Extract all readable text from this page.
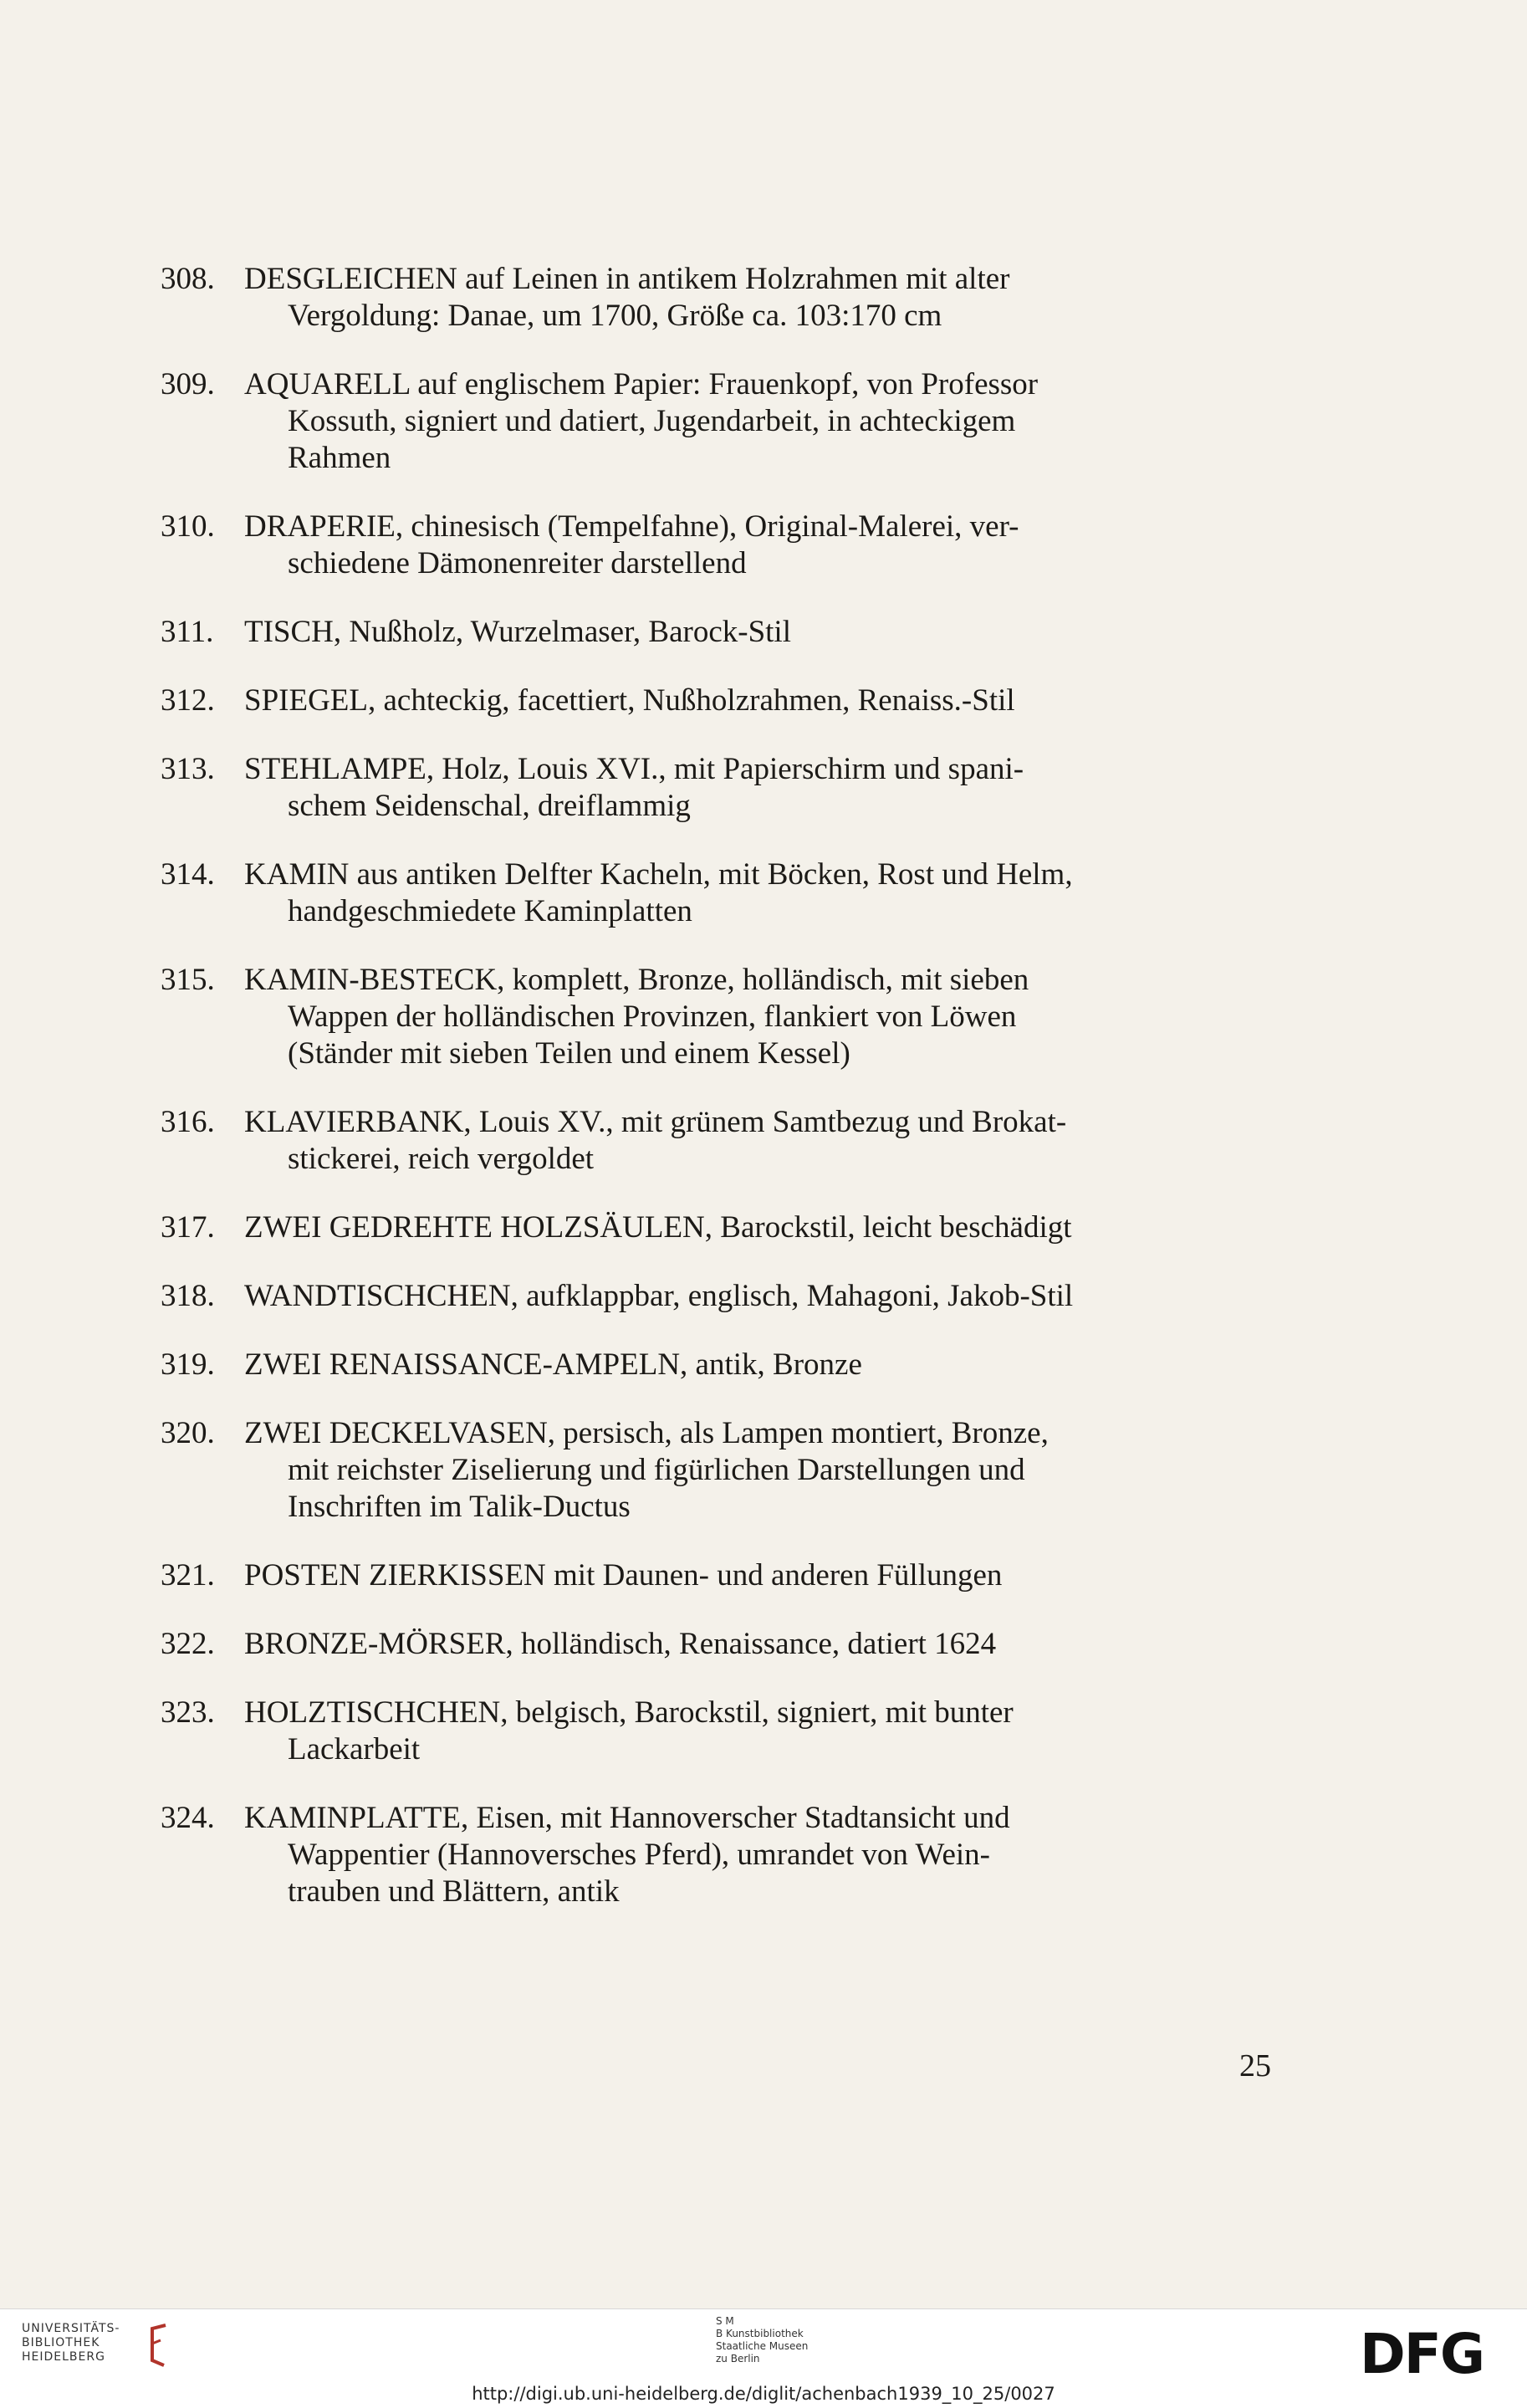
308. DESGLEICHEN auf Leinen in antikem Holzrahmen mit alter
Vergoldung: Danae, um 1700, Größe ca. 103:170 cm
309. AQUARELL auf englischem Papier: Frauenkopf, von Professor
Kossuth, signiert und datiert, Jugendarbeit, in achteckigem
Rahmen
310. DRAPERIE, chinesisch (Tempelfahne), Original-Malerei, ver-
schiedene Dämonenreiter darstellend
311. TISCH, Nußholz, Wurzelmaser, Barock-Stil
312. SPIEGEL, achteckig, facettiert, Nußholzrahmen, Renaiss.-Stil
313. STEHLAMPE, Holz, Louis XVI., mit Papierschirm und spani-
schem Seidenschal, dreiflammig
314. KAMIN aus antiken Delfter Kacheln, mit Böcken, Rost und Helm,
handgeschmiedete Kaminplatten
315. KAMIN-BESTECK, komplett, Bronze, holländisch, mit sieben
Wappen der holländischen Provinzen, flankiert von Löwen
(Ständer mit sieben Teilen und einem Kessel)
316. KLAVIERBANK, Louis XV., mit grünem Samtbezug und Brokat-
stickerei, reich vergoldet
317. ZWEI GEDREHTE HOLZSÄULEN, Barockstil, leicht beschädigt
318. WANDTISCHCHEN, aufklappbar, englisch, Mahagoni, Jakob-Stil
319. ZWEI RENAISSANCE-AMPELN, antik, Bronze
320. ZWEI DECKELVASEN, persisch, als Lampen montiert, Bronze,
mit reichster Ziselierung und figürlichen Darstellungen und
Inschriften im Talik-Ductus
321. POSTEN ZIERKISSEN mit Daunen- und anderen Füllungen
322. BRONZE-MÖRSER, holländisch, Renaissance, datiert 1624
323. HOLZTISCHCHEN, belgisch, Barockstil, signiert, mit bunter
Lackarbeit
324. KAMINPLATTE, Eisen, mit Hannoverscher Stadtansicht und
Wappentier (Hannoversches Pferd), umrandet von Wein-
trauben und Blättern, antik
25
UNIVERSITÄTS-
BIBLIOTHEK
HEIDELBERG
S M
B Kunstbibliothek
Staatliche Museen
zu Berlin	DFG
http://digi.ub.uni-heidelberg.de/diglit/achenbach1939_10_25/0027
